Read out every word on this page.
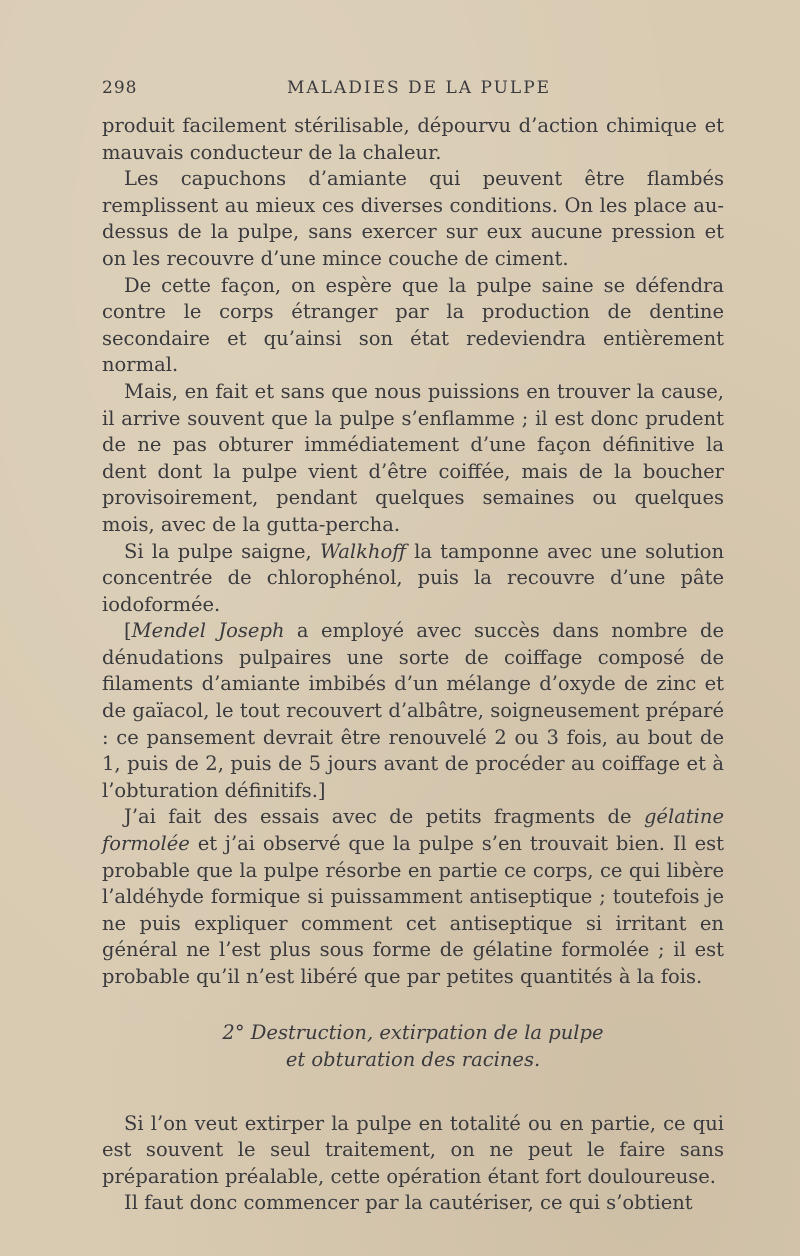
298	MALADIES DE LA PULPE

produit facilement stérilisable, dépourvu d’action chimique et mauvais conducteur de la chaleur.

Les capuchons d’amiante qui peuvent être flambés remplissent au mieux ces diverses conditions. On les place au-dessus de la pulpe, sans exercer sur eux aucune pression et on les recouvre d’une mince couche de ciment.

De cette façon, on espère que la pulpe saine se défendra contre le corps étranger par la production de dentine secondaire et qu’ainsi son état redeviendra entièrement normal.

Mais, en fait et sans que nous puissions en trouver la cause, il arrive souvent que la pulpe s’enflamme ; il est donc prudent de ne pas obturer immédiatement d’une façon définitive la dent dont la pulpe vient d’être coiffée, mais de la boucher provisoirement, pendant quelques semaines ou quelques mois, avec de la gutta-percha.

Si la pulpe saigne, Walkhoff la tamponne avec une solution concentrée de chlorophénol, puis la recouvre d’une pâte iodoformée.

[Mendel Joseph a employé avec succès dans nombre de dénudations pulpaires une sorte de coiffage composé de filaments d’amiante imbibés d’un mélange d’oxyde de zinc et de gaïacol, le tout recouvert d’albâtre, soigneusement préparé : ce pansement devrait être renouvelé 2 ou 3 fois, au bout de 1, puis de 2, puis de 5 jours avant de procéder au coiffage et à l’obturation définitifs.]

J’ai fait des essais avec de petits fragments de gélatine formolée et j’ai observé que la pulpe s’en trouvait bien. Il est probable que la pulpe résorbe en partie ce corps, ce qui libère l’aldéhyde formique si puissamment antiseptique ; toutefois je ne puis expliquer comment cet antiseptique si irritant en général ne l’est plus sous forme de gélatine formolée ; il est probable qu’il n’est libéré que par petites quantités à la fois.

2° Destruction, extirpation de la pulpe
et obturation des racines.

Si l’on veut extirper la pulpe en totalité ou en partie, ce qui est souvent le seul traitement, on ne peut le faire sans préparation préalable, cette opération étant fort douloureuse.

Il faut donc commencer par la cautériser, ce qui s’obtient
